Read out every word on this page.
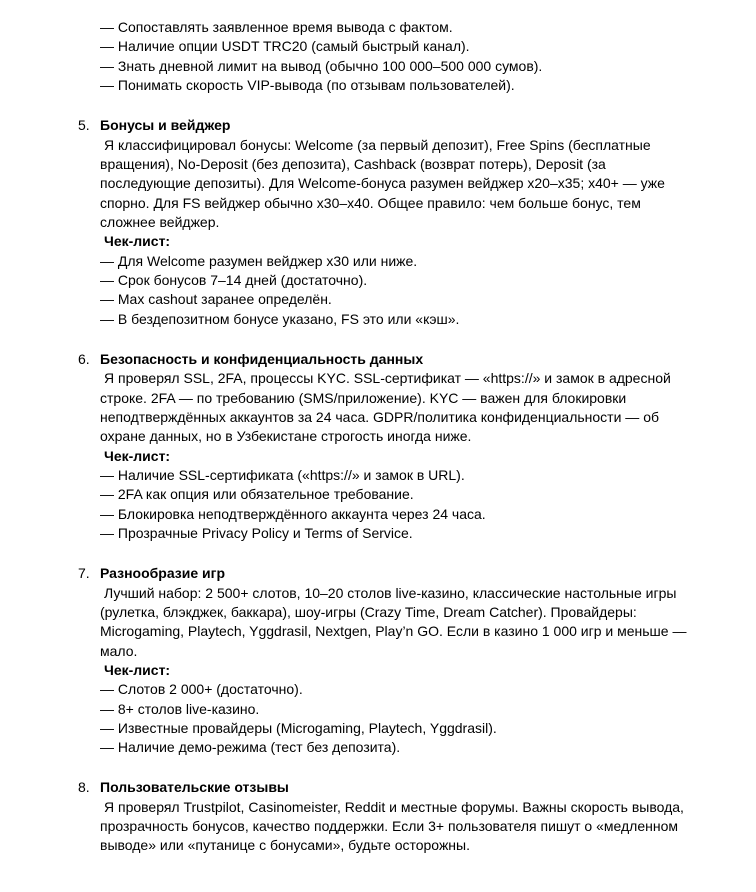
— Сопоставлять заявленное время вывода с фактом.
— Наличие опции USDT TRC20 (самый быстрый канал).
— Знать дневной лимит на вывод (обычно 100 000–500 000 сумов).
— Понимать скорость VIP-вывода (по отзывам пользователей).
5. Бонусы и вейджер
Я классифицировал бонусы: Welcome (за первый депозит), Free Spins (бесплатные вращения), No-Deposit (без депозита), Cashback (возврат потерь), Deposit (за последующие депозиты). Для Welcome-бонуса разумен вейджер x20–x35; x40+ — уже спорно. Для FS вейджер обычно x30–x40. Общее правило: чем больше бонус, тем сложнее вейджер.
Чек-лист:
— Для Welcome разумен вейджер x30 или ниже.
— Срок бонусов 7–14 дней (достаточно).
— Max cashout заранее определён.
— В бездепозитном бонусе указано, FS это или «кэш».
6. Безопасность и конфиденциальность данных
Я проверял SSL, 2FA, процессы KYC. SSL-сертификат — «https://» и замок в адресной строке. 2FA — по требованию (SMS/приложение). KYC — важен для блокировки неподтверждённых аккаунтов за 24 часа. GDPR/политика конфиденциальности — об охране данных, но в Узбекистане строгость иногда ниже.
Чек-лист:
— Наличие SSL-сертификата («https://» и замок в URL).
— 2FA как опция или обязательное требование.
— Блокировка неподтверждённого аккаунта через 24 часа.
— Прозрачные Privacy Policy и Terms of Service.
7. Разнообразие игр
Лучший набор: 2 500+ слотов, 10–20 столов live-казино, классические настольные игры (рулетка, блэкджек, баккара), шоу-игры (Crazy Time, Dream Catcher). Провайдеры: Microgaming, Playtech, Yggdrasil, Nextgen, Play’n GO. Если в казино 1 000 игр и меньше — мало.
Чек-лист:
— Слотов 2 000+ (достаточно).
— 8+ столов live-казино.
— Известные провайдеры (Microgaming, Playtech, Yggdrasil).
— Наличие демо-режима (тест без депозита).
8. Пользовательские отзывы
Я проверял Trustpilot, Casinomeister, Reddit и местные форумы. Важны скорость вывода, прозрачность бонусов, качество поддержки. Если 3+ пользователя пишут о «медленном выводе» или «путанице с бонусами», будьте осторожны.
